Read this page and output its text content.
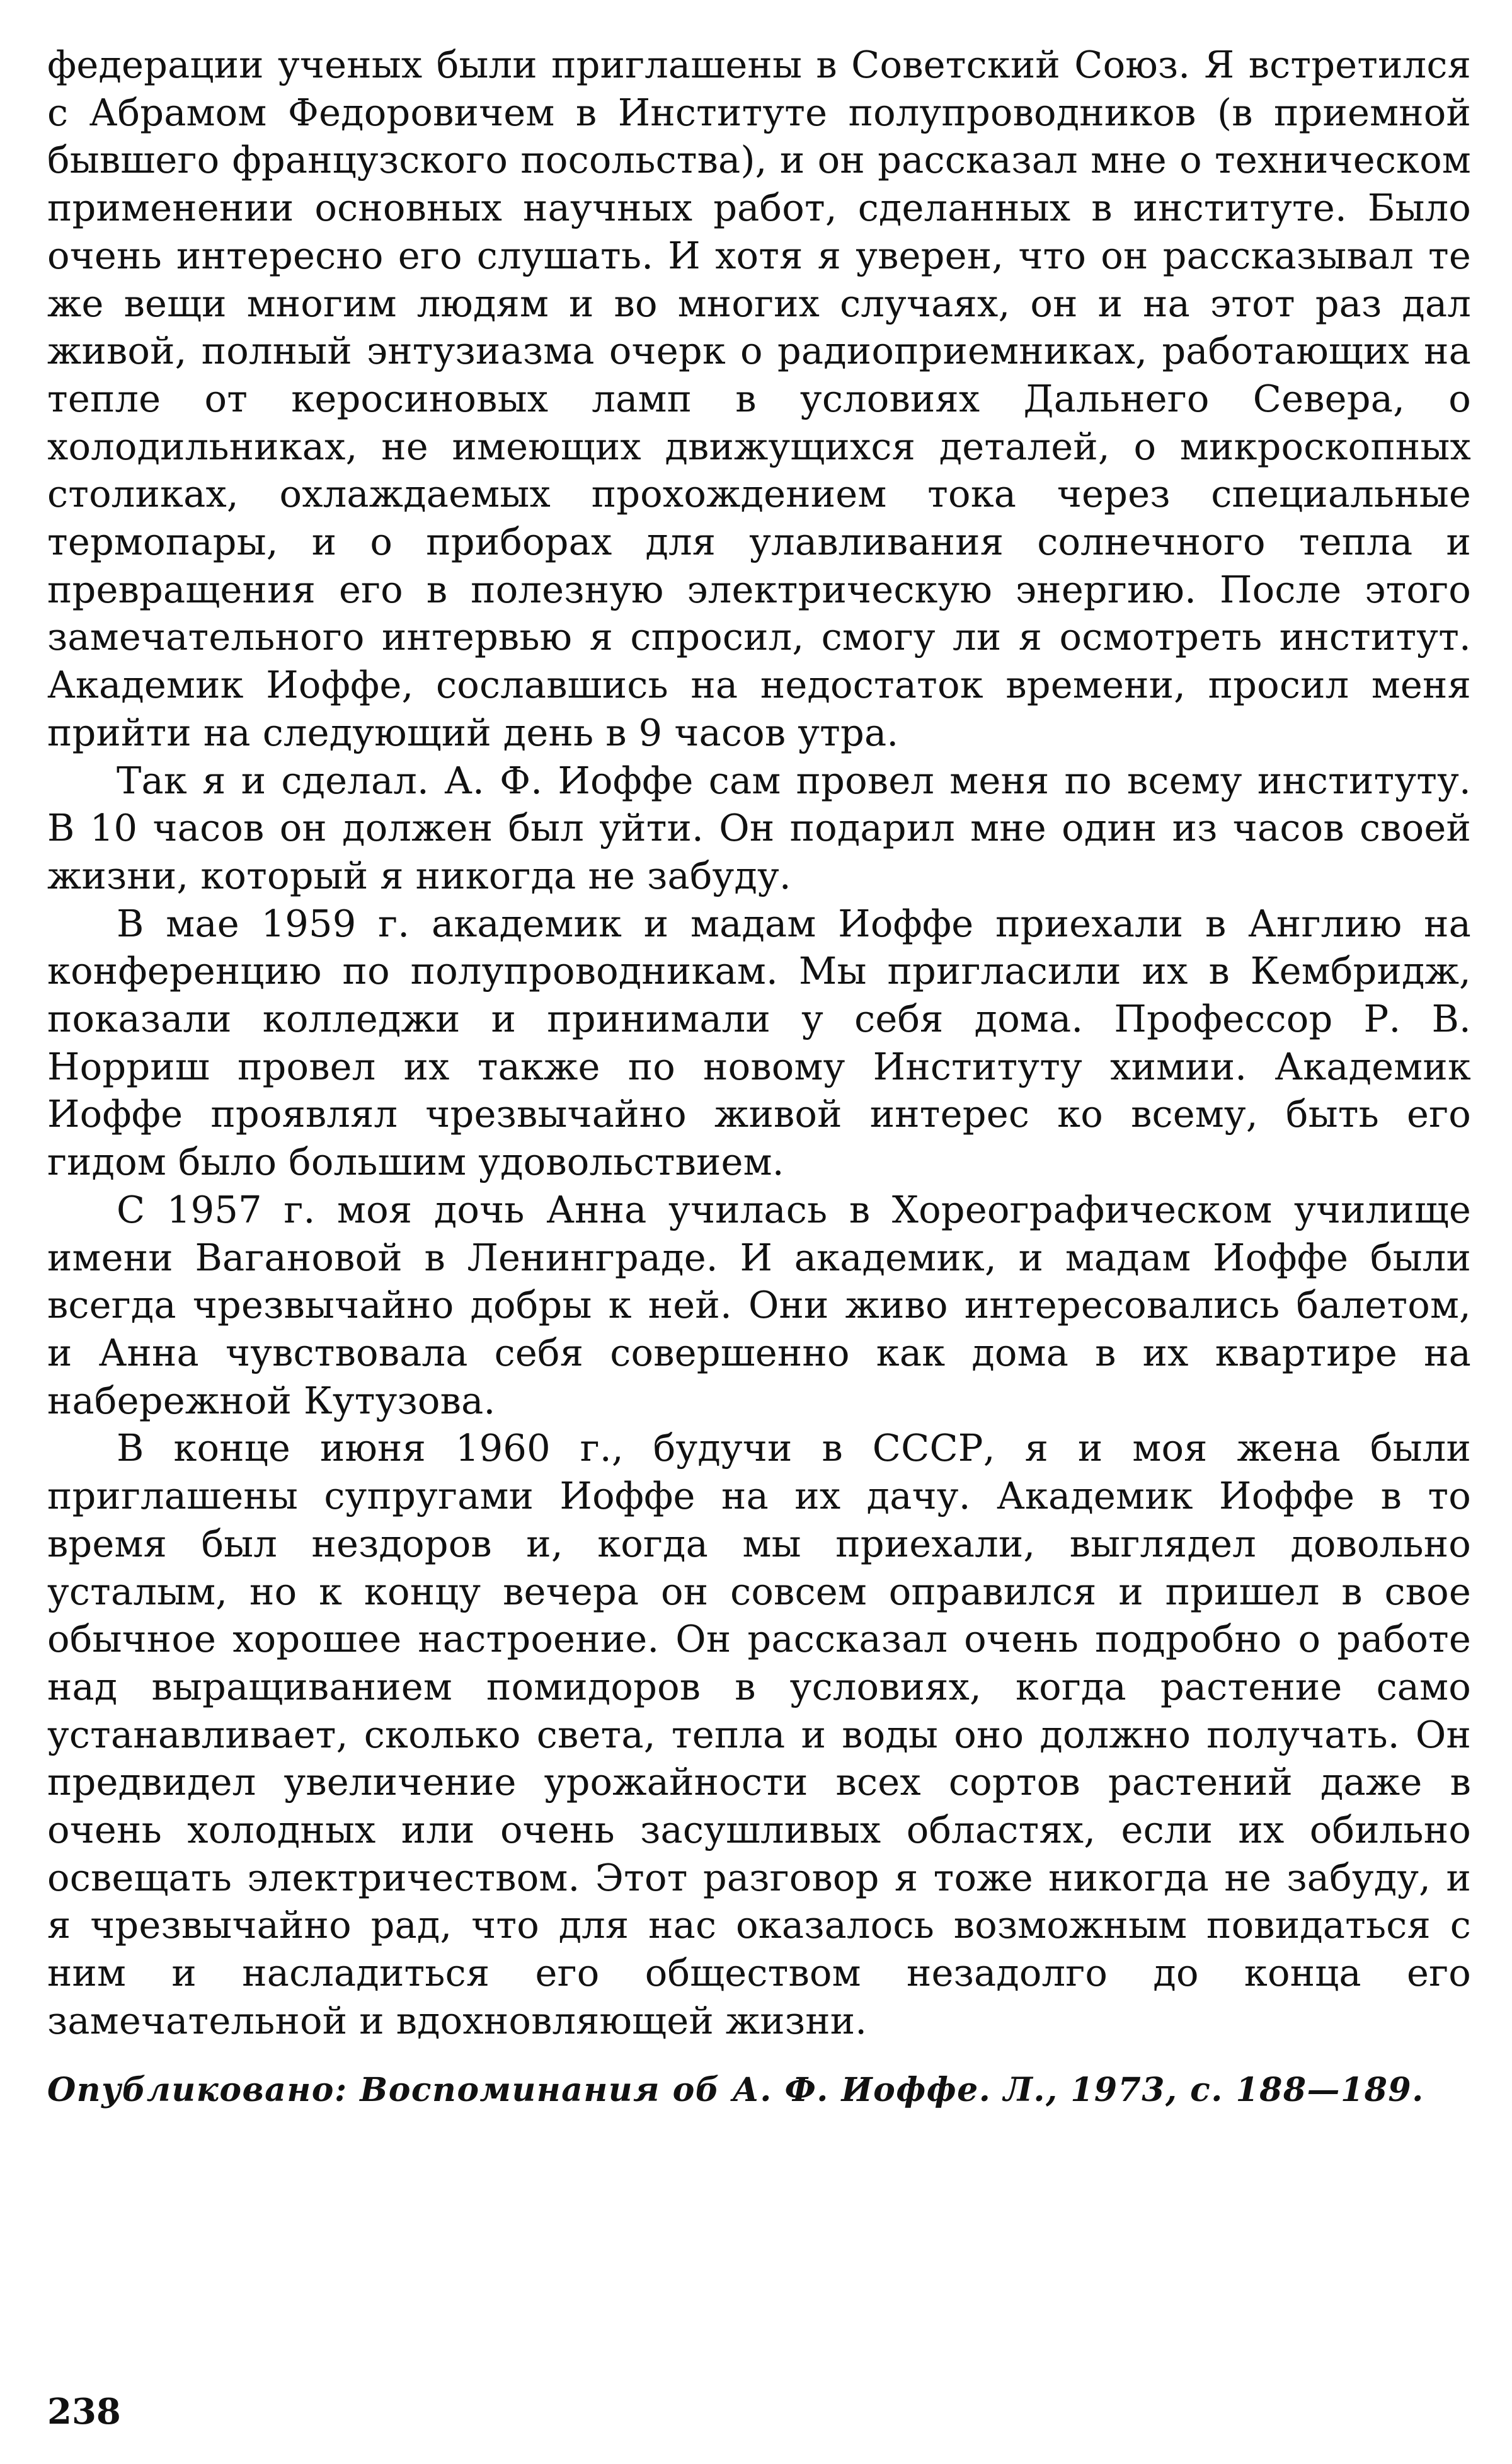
федерации ученых были приглашены в Советский Союз. Я встретился с Абрамом Федоровичем в Институте полупроводников (в приемной бывшего французского посольства), и он рассказал мне о техническом применении основных научных работ, сделанных в институте. Было очень интересно его слушать. И хотя я уверен, что он рассказывал те же вещи многим людям и во многих случаях, он и на этот раз дал живой, полный энтузиазма очерк о радиоприемниках, работающих на тепле от керосиновых ламп в условиях Дальнего Севера, о холодильниках, не имеющих движущихся деталей, о микроскопных столиках, охлаждаемых прохождением тока через специальные термопары, и о приборах для улавливания солнечного тепла и превращения его в полезную электрическую энергию. После этого замечательного интервью я спросил, смогу ли я осмотреть институт. Академик Иоффе, сославшись на недостаток времени, просил меня прийти на следующий день в 9 часов утра.

Так я и сделал. А. Ф. Иоффе сам провел меня по всему институту. В 10 часов он должен был уйти. Он подарил мне один из часов своей жизни, который я никогда не забуду.

В мае 1959 г. академик и мадам Иоффе приехали в Англию на конференцию по полупроводникам. Мы пригласили их в Кембридж, показали колледжи и принимали у себя дома. Профессор Р. В. Норриш провел их также по новому Институту химии. Академик Иоффе проявлял чрезвычайно живой интерес ко всему, быть его гидом было большим удовольствием.

С 1957 г. моя дочь Анна училась в Хореографическом училище имени Вагановой в Ленинграде. И академик, и мадам Иоффе были всегда чрезвычайно добры к ней. Они живо интересовались балетом, и Анна чувствовала себя совершенно как дома в их квартире на набережной Кутузова.

В конце июня 1960 г., будучи в СССР, я и моя жена были приглашены супругами Иоффе на их дачу. Академик Иоффе в то время был нездоров и, когда мы приехали, выглядел довольно усталым, но к концу вечера он совсем оправился и пришел в свое обычное хорошее настроение. Он рассказал очень подробно о работе над выращиванием помидоров в условиях, когда растение само устанавливает, сколько света, тепла и воды оно должно получать. Он предвидел увеличение урожайности всех сортов растений даже в очень холодных или очень засушливых областях, если их обильно освещать электричеством. Этот разговор я тоже никогда не забуду, и я чрезвычайно рад, что для нас оказалось возможным повидаться с ним и насладиться его обществом незадолго до конца его замечательной и вдохновляющей жизни.

Опубликовано: Воспоминания об А. Ф. Иоффе. Л., 1973, с. 188—189.

238
